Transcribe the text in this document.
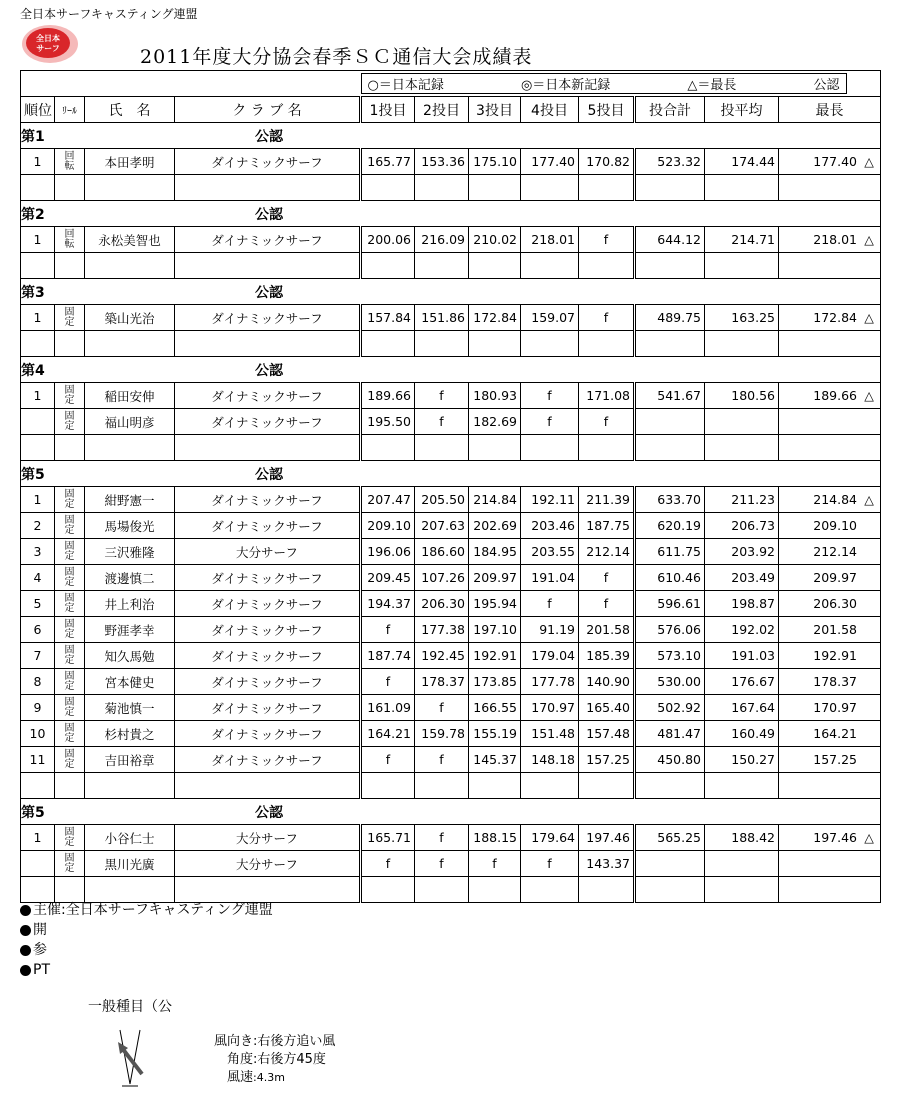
全日本サーフキャスティング連盟
全日本
サーフ	2011年度大分協会春季ＳＣ通信大会成績表

				○＝日本記録 ◎＝日本新記録 △＝最長 公認							

順位	ﾘｰﾙ	氏　名	ク ラ ブ 名	1投目	2投目	3投目	4投目	5投目	投合計	投平均	最長

第1 公認											

1	回転	本田孝明	ダイナミックサーフ	165.77	153.36	175.10	177.40	170.82	523.32	174.44	177.40 △

第2 公認											

1	回転	永松美智也	ダイナミックサーフ	200.06	216.09	210.02	218.01	f	644.12	214.71	218.01 △

第3 公認											

1	固定	築山光治	ダイナミックサーフ	157.84	151.86	172.84	159.07	f	489.75	163.25	172.84 △

第4 公認											

1	固定	稲田安伸	ダイナミックサーフ	189.66	f	180.93	f	171.08	541.67	180.56	189.66 △
	固定	福山明彦	ダイナミックサーフ	195.50	f	182.69	f	f			

第5 公認											

1	固定	紺野憲一	ダイナミックサーフ	207.47	205.50	214.84	192.11	211.39	633.70	211.23	214.84 △
2	固定	馬場俊光	ダイナミックサーフ	209.10	207.63	202.69	203.46	187.75	620.19	206.73	209.10
3	固定	三沢雅隆	大分サーフ	196.06	186.60	184.95	203.55	212.14	611.75	203.92	212.14
4	固定	渡邊慎二	ダイナミックサーフ	209.45	107.26	209.97	191.04	f	610.46	203.49	209.97
5	固定	井上利治	ダイナミックサーフ	194.37	206.30	195.94	f	f	596.61	198.87	206.30
6	固定	野涯孝幸	ダイナミックサーフ	f	177.38	197.10	91.19	201.58	576.06	192.02	201.58
7	固定	知久馬勉	ダイナミックサーフ	187.74	192.45	192.91	179.04	185.39	573.10	191.03	192.91
8	固定	宮本健史	ダイナミックサーフ	f	178.37	173.85	177.78	140.90	530.00	176.67	178.37
9	固定	菊池慎一	ダイナミックサーフ	161.09	f	166.55	170.97	165.40	502.92	167.64	170.97
10	固定	杉村貴之	ダイナミックサーフ	164.21	159.78	155.19	151.48	157.48	481.47	160.49	164.21
11	固定	吉田裕章	ダイナミックサーフ	f	f	145.37	148.18	157.25	450.80	150.27	157.25

第5 公認											

1	固定	小谷仁士	大分サーフ	165.71	f	188.15	179.64	197.46	565.25	188.42	197.46 △
	固定	黒川光廣	大分サーフ	f	f	f	f	143.37			

主催:全日本サーフキャスティング連盟
開
参
PT
一般種目（公
風向き :右後方追い風
角度 :右後方45度
風速 :4.3m
